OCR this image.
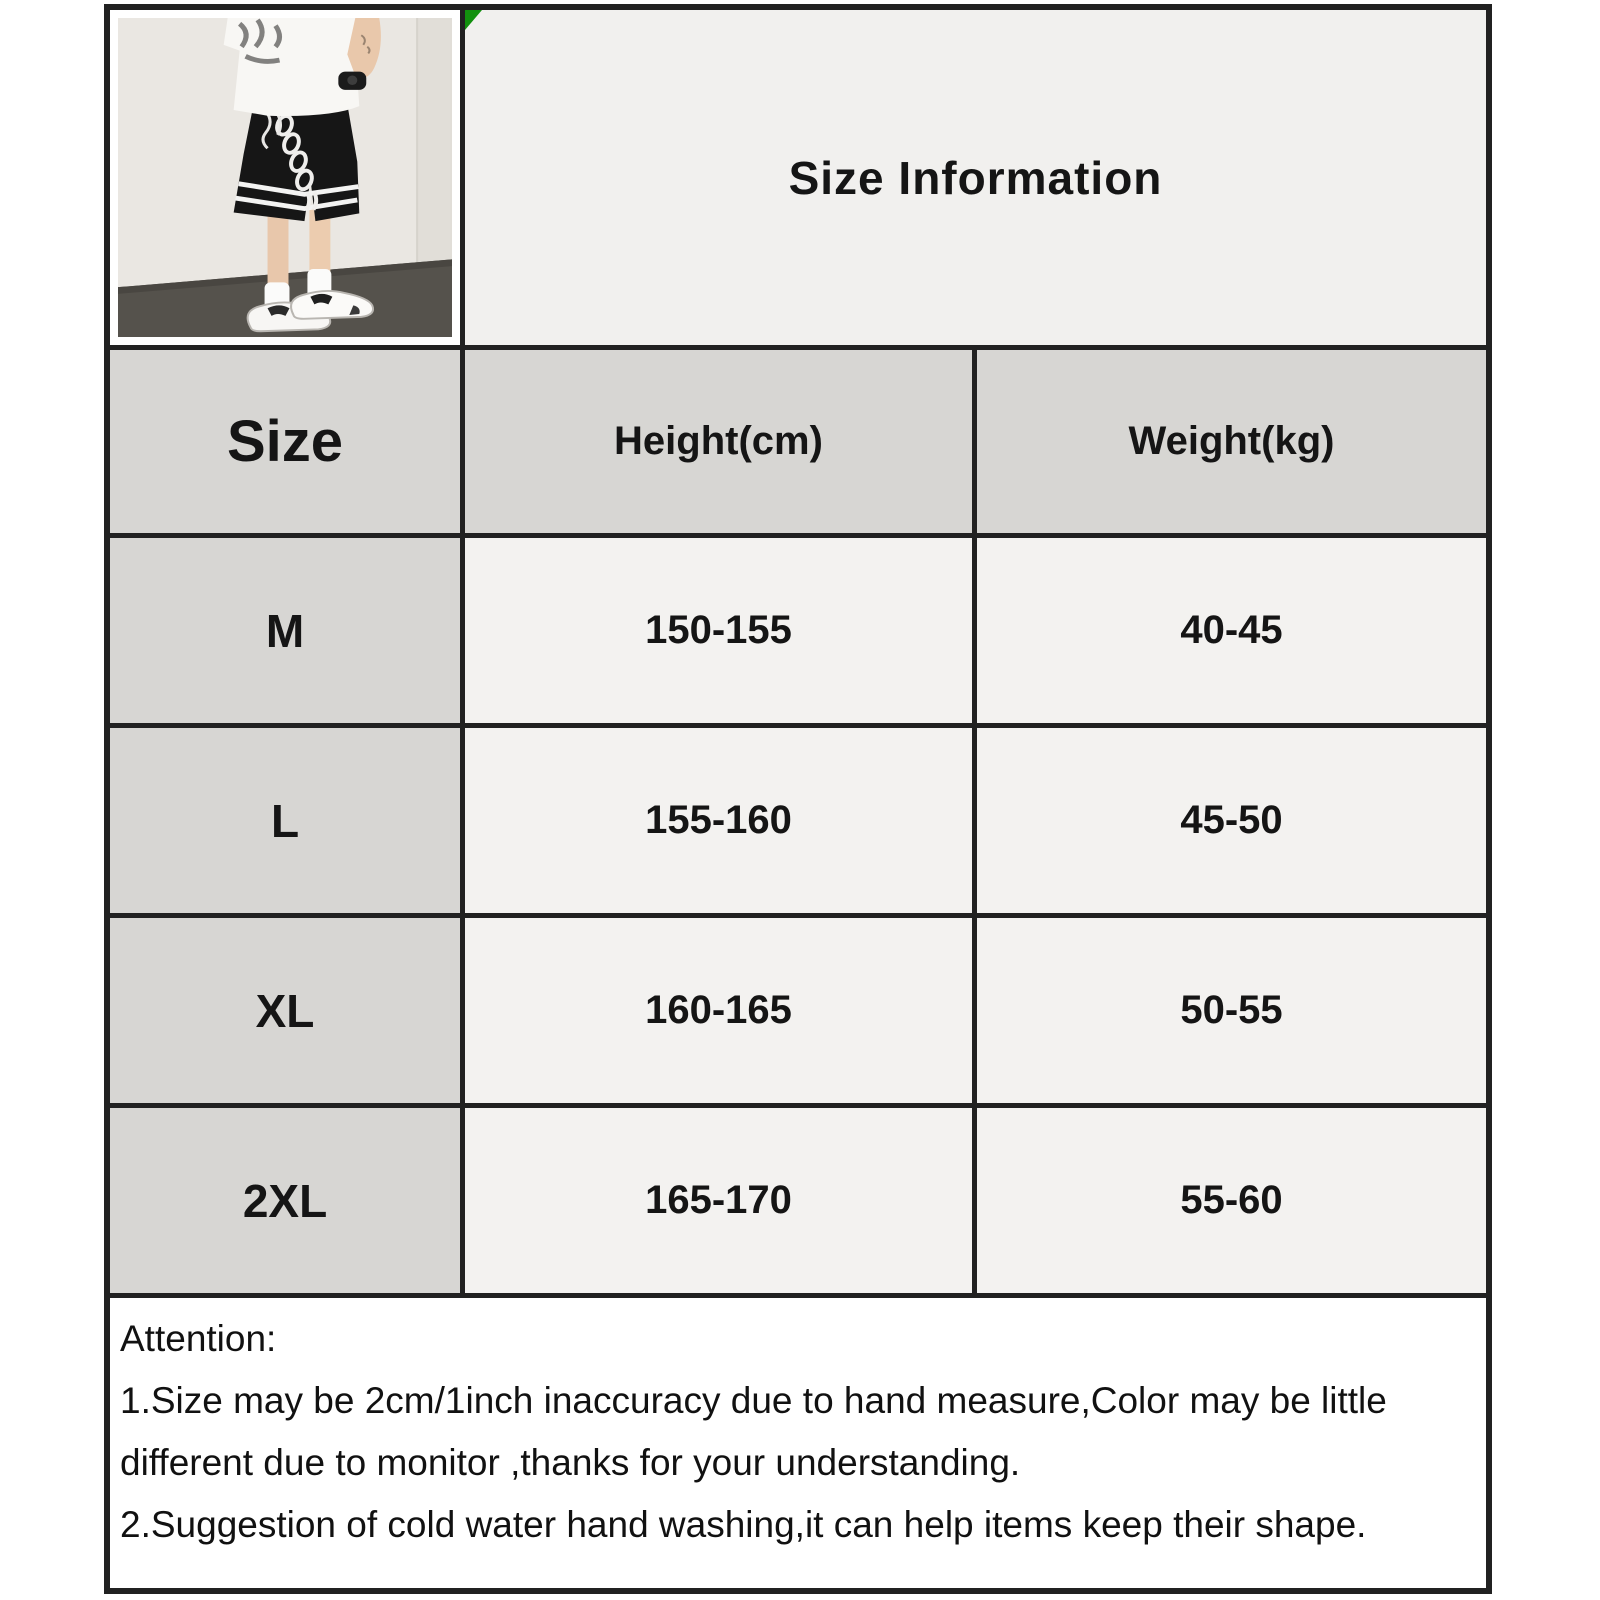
Size Information
Size	Height(cm)	Weight(kg)
M	150-155	40-45
L	155-160	45-50
XL	160-165	50-55
2XL	165-170	55-60
Attention:
1.Size may be 2cm/1inch inaccuracy due to hand measure,Color may be little
different due to monitor ,thanks for your understanding.
2.Suggestion of cold water hand washing,it can help items keep their shape.
